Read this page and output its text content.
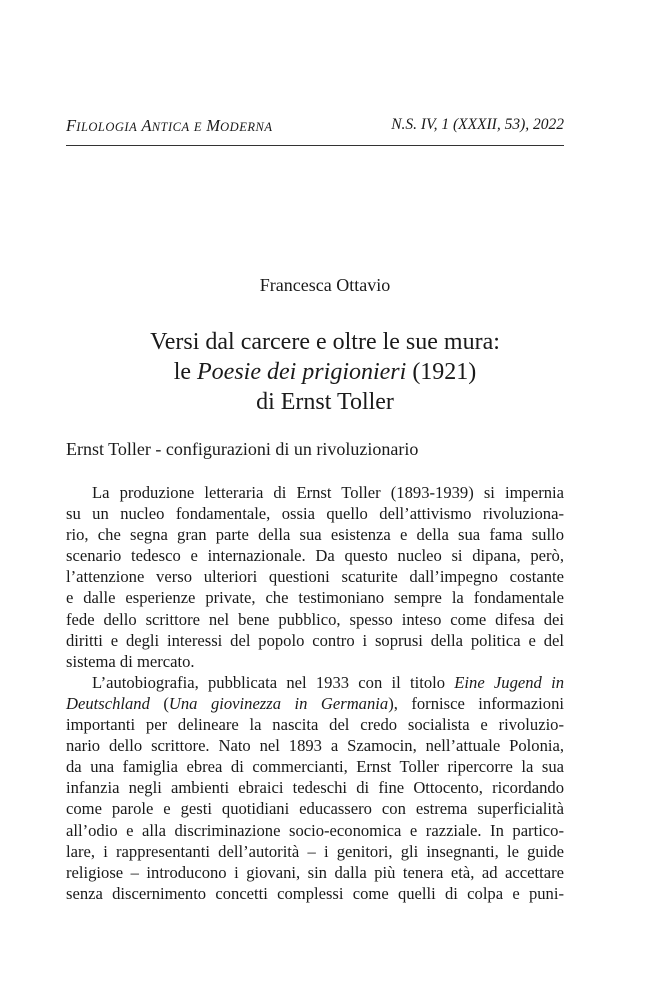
FILOLOGIA ANTICA E MODERNA	N.S. IV, 1 (XXXII, 53), 2022
Francesca Ottavio
Versi dal carcere e oltre le sue mura:
le Poesie dei prigionieri (1921)
di Ernst Toller
Ernst Toller - configurazioni di un rivoluzionario
La produzione letteraria di Ernst Toller (1893-1939) si impernia
su un nucleo fondamentale, ossia quello dell’attivismo rivoluziona-
rio, che segna gran parte della sua esistenza e della sua fama sullo
scenario tedesco e internazionale. Da questo nucleo si dipana, però,
l’attenzione verso ulteriori questioni scaturite dall’impegno costante
e dalle esperienze private, che testimoniano sempre la fondamentale
fede dello scrittore nel bene pubblico, spesso inteso come difesa dei
diritti e degli interessi del popolo contro i soprusi della politica e del
sistema di mercato.
L’autobiografia, pubblicata nel 1933 con il titolo Eine Jugend in
Deutschland (Una giovinezza in Germania), fornisce informazioni
importanti per delineare la nascita del credo socialista e rivoluzio-
nario dello scrittore. Nato nel 1893 a Szamocin, nell’attuale Polonia,
da una famiglia ebrea di commercianti, Ernst Toller ripercorre la sua
infanzia negli ambienti ebraici tedeschi di fine Ottocento, ricordando
come parole e gesti quotidiani educassero con estrema superficialità
all’odio e alla discriminazione socio-economica e razziale. In partico-
lare, i rappresentanti dell’autorità – i genitori, gli insegnanti, le guide
religiose – introducono i giovani, sin dalla più tenera età, ad accettare
senza discernimento concetti complessi come quelli di colpa e puni-
